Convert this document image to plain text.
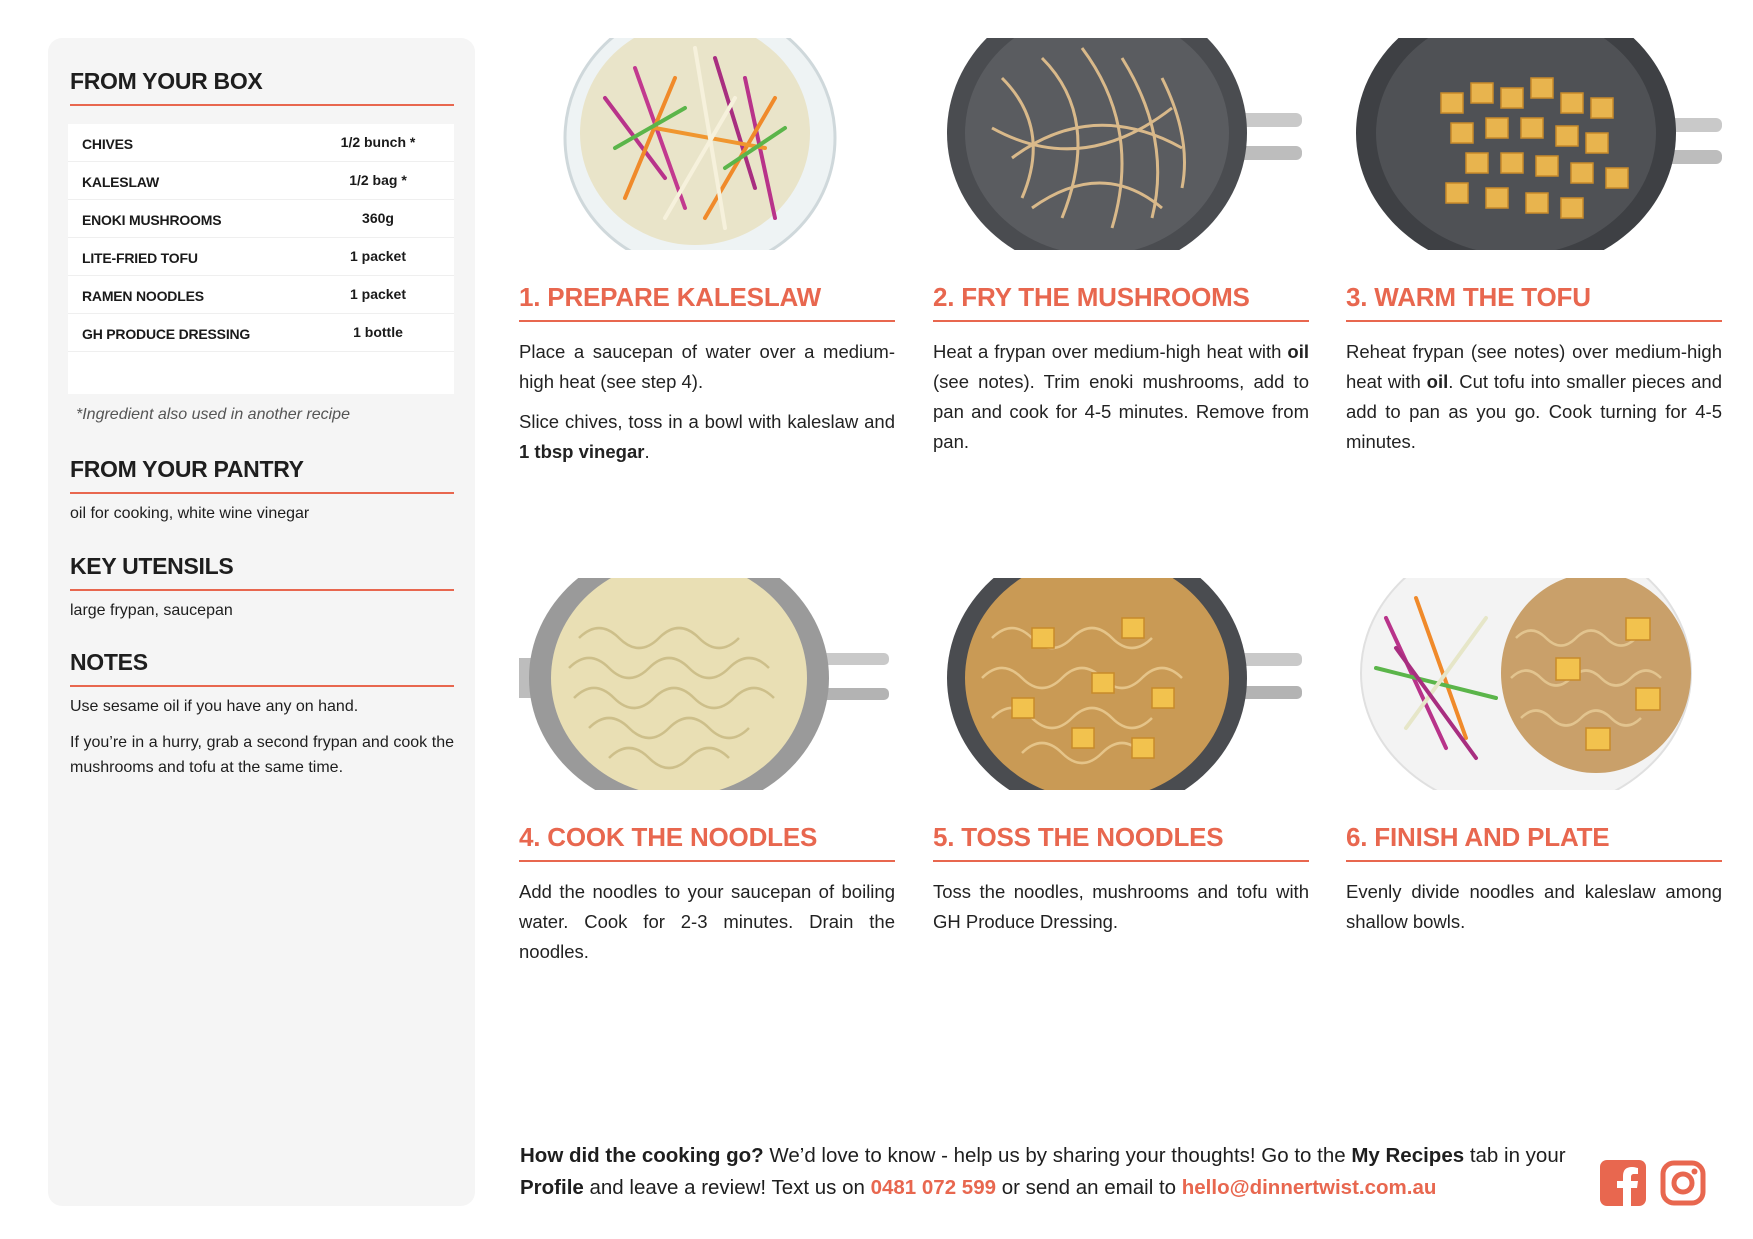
FROM YOUR BOX
CHIVES	1/2 bunch *
KALESLAW	1/2 bag *
ENOKI MUSHROOMS	360g
LITE-FRIED TOFU	1 packet
RAMEN NOODLES	1 packet
GH PRODUCE DRESSING	1 bottle
*Ingredient also used in another recipe
FROM YOUR PANTRY
oil for cooking, white wine vinegar
KEY UTENSILS
large frypan, saucepan
NOTES
Use sesame oil if you have any on hand.
If you’re in a hurry, grab a second frypan and cook the mushrooms and tofu at the same time.
1. PREPARE KALESLAW

Place a saucepan of water over a medium-high heat (see step 4).

Slice chives, toss in a bowl with kaleslaw and 1 tbsp vinegar.

2. FRY THE MUSHROOMS

Heat a frypan over medium-high heat with oil (see notes). Trim enoki mushrooms, add to pan and cook for 4-5 minutes. Remove from pan.

3. WARM THE TOFU

Reheat frypan (see notes) over medium-high heat with oil. Cut tofu into smaller pieces and add to pan as you go. Cook turning for 4-5 minutes.

4. COOK THE NOODLES

Add the noodles to your saucepan of boiling water. Cook for 2-3 minutes. Drain the noodles.

5. TOSS THE NOODLES

Toss the noodles, mushrooms and tofu with GH Produce Dressing.

6. FINISH AND PLATE

Evenly divide noodles and kaleslaw among shallow bowls.

How did the cooking go? We’d love to know - help us by sharing your thoughts! Go to the My Recipes tab in your Profile and leave a review! Text us on 0481 072 599 or send an email to hello@dinnertwist.com.au
